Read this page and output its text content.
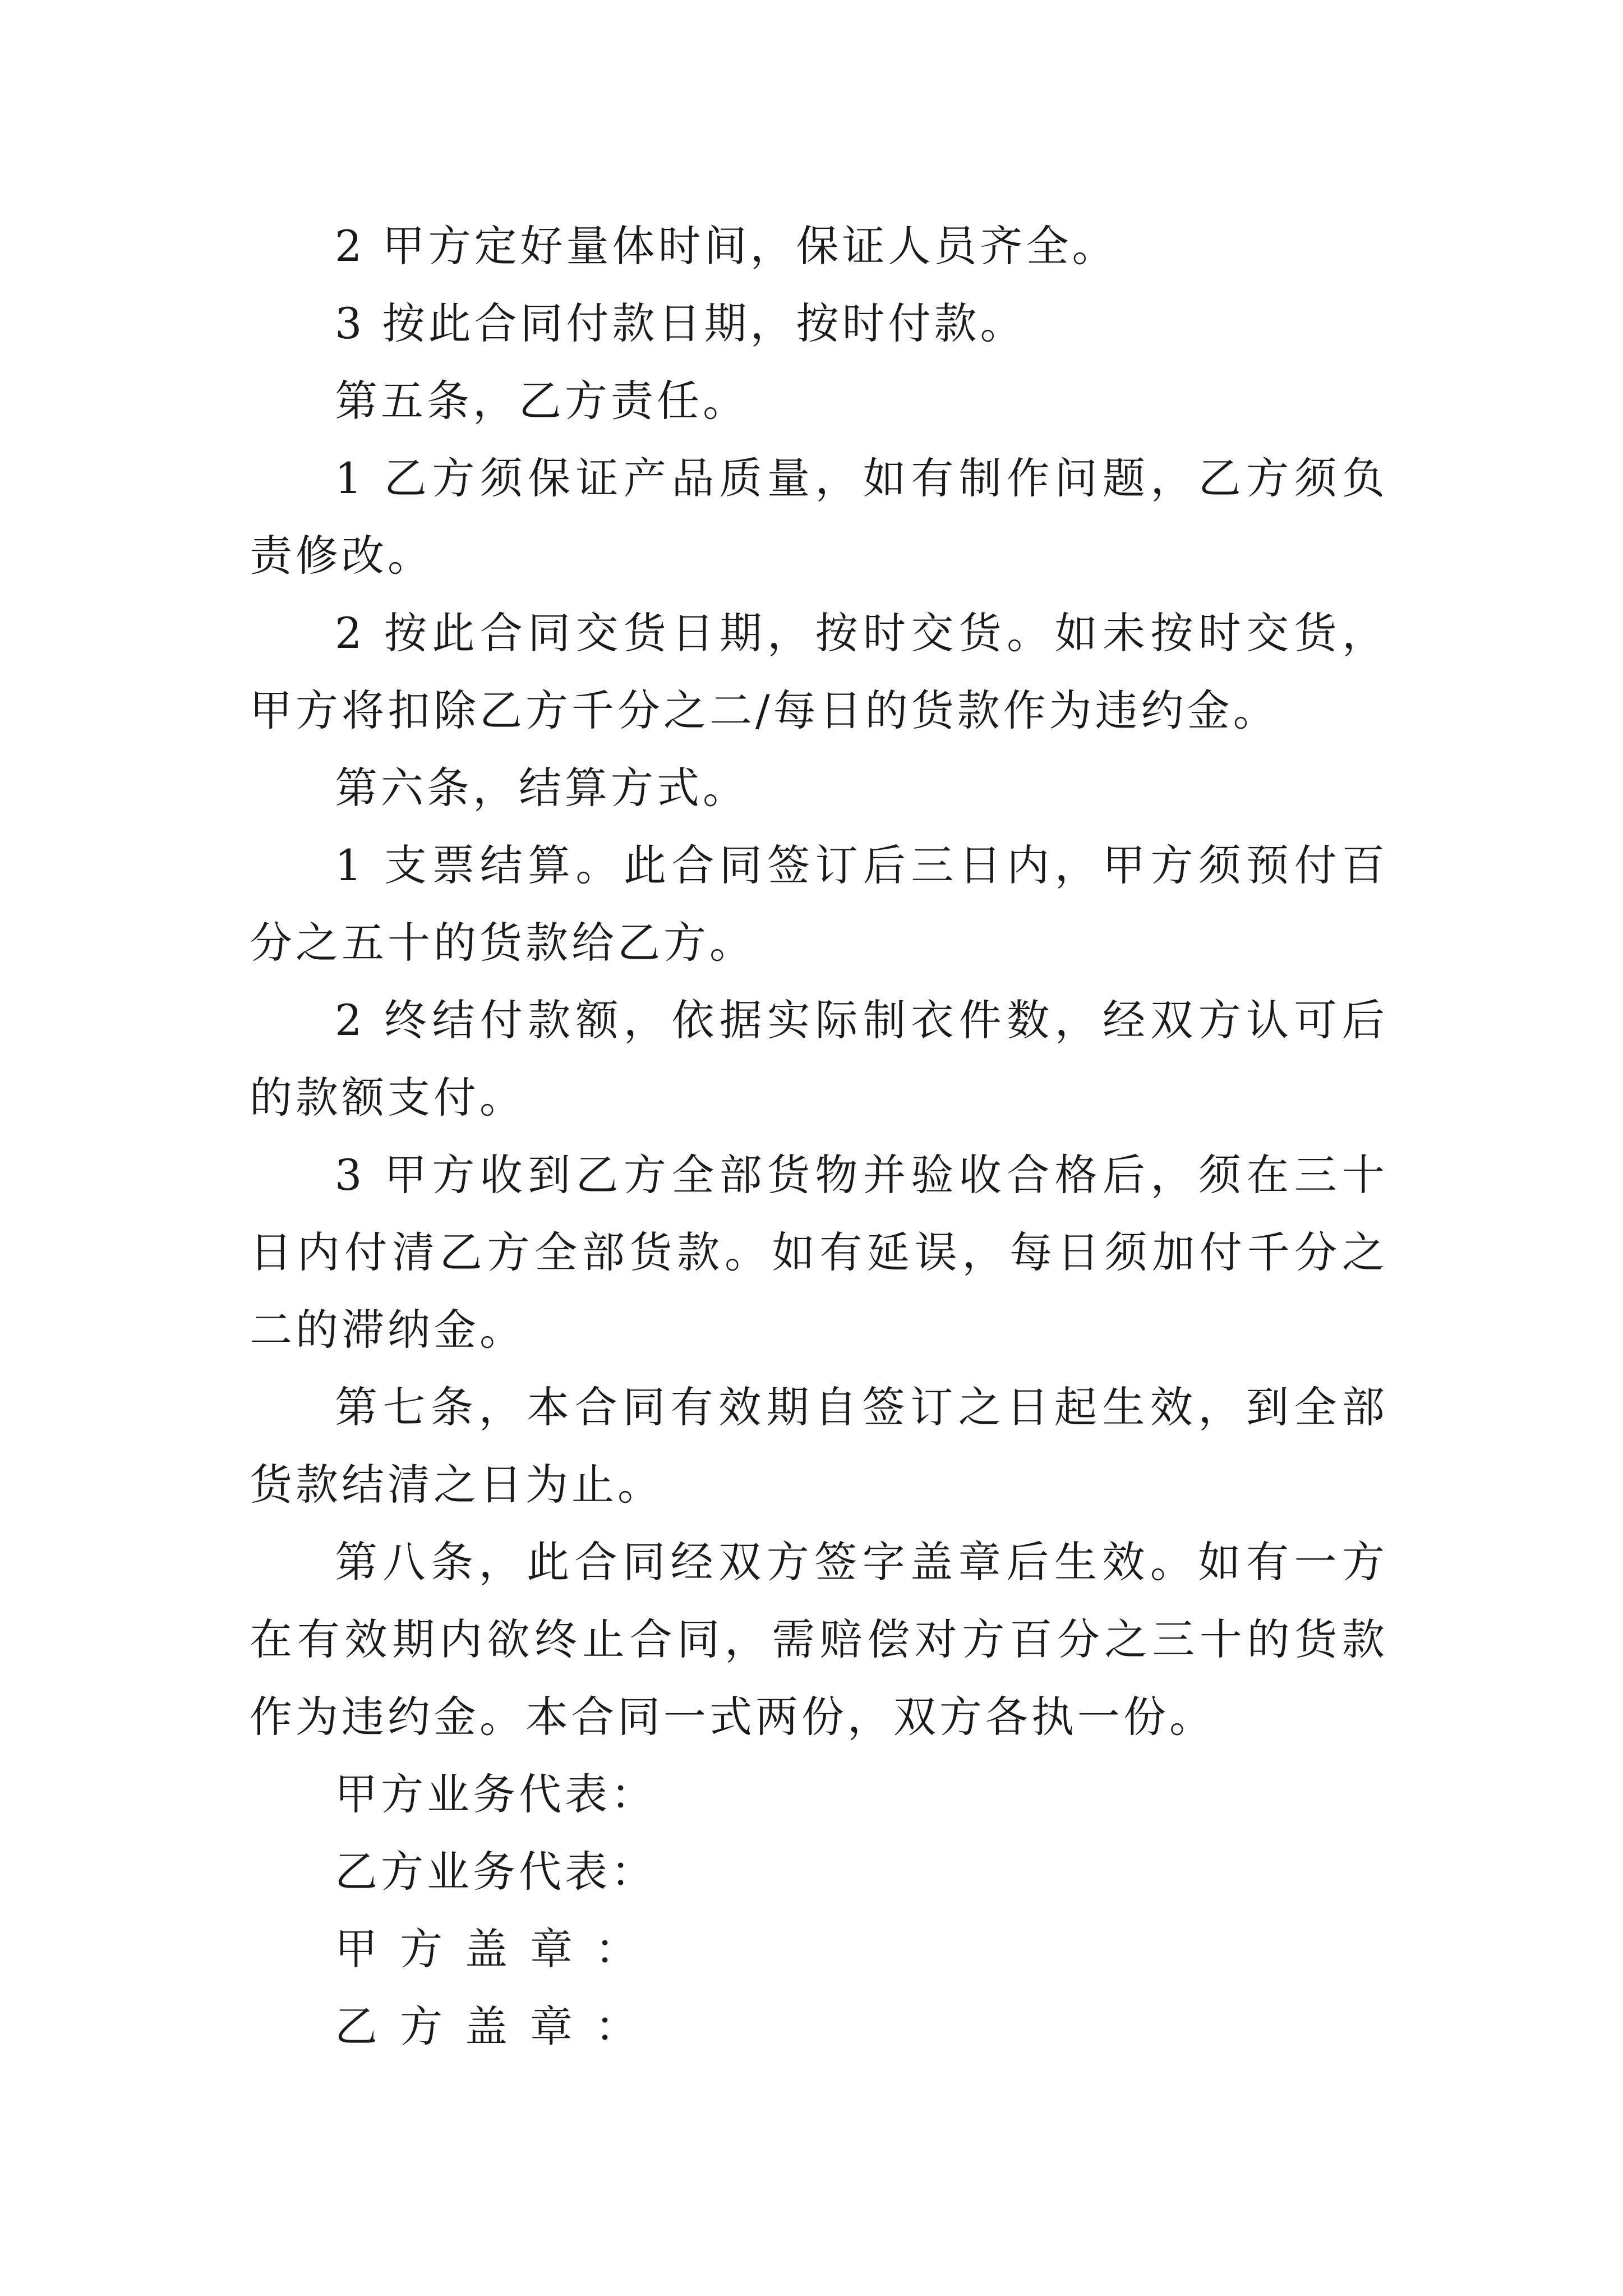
2 甲方定好量体时间，保证人员齐全。

3 按此合同付款日期，按时付款。

第五条，乙方责任。

1 乙方须保证产品质量，如有制作问题，乙方须负责修改。

2 按此合同交货日期，按时交货。如未按时交货，甲方将扣除乙方千分之二/每日的货款作为违约金。

第六条，结算方式。

1 支票结算。此合同签订后三日内，甲方须预付百分之五十的货款给乙方。

2 终结付款额，依据实际制衣件数，经双方认可后的款额支付。

3 甲方收到乙方全部货物并验收合格后，须在三十日内付清乙方全部货款。如有延误，每日须加付千分之二的滞纳金。

第七条，本合同有效期自签订之日起生效，到全部货款结清之日为止。

第八条，此合同经双方签字盖章后生效。如有一方在有效期内欲终止合同，需赔偿对方百分之三十的货款作为违约金。本合同一式两份，双方各执一份。

甲方业务代表：

乙方业务代表：

甲方盖章：

乙方盖章：
